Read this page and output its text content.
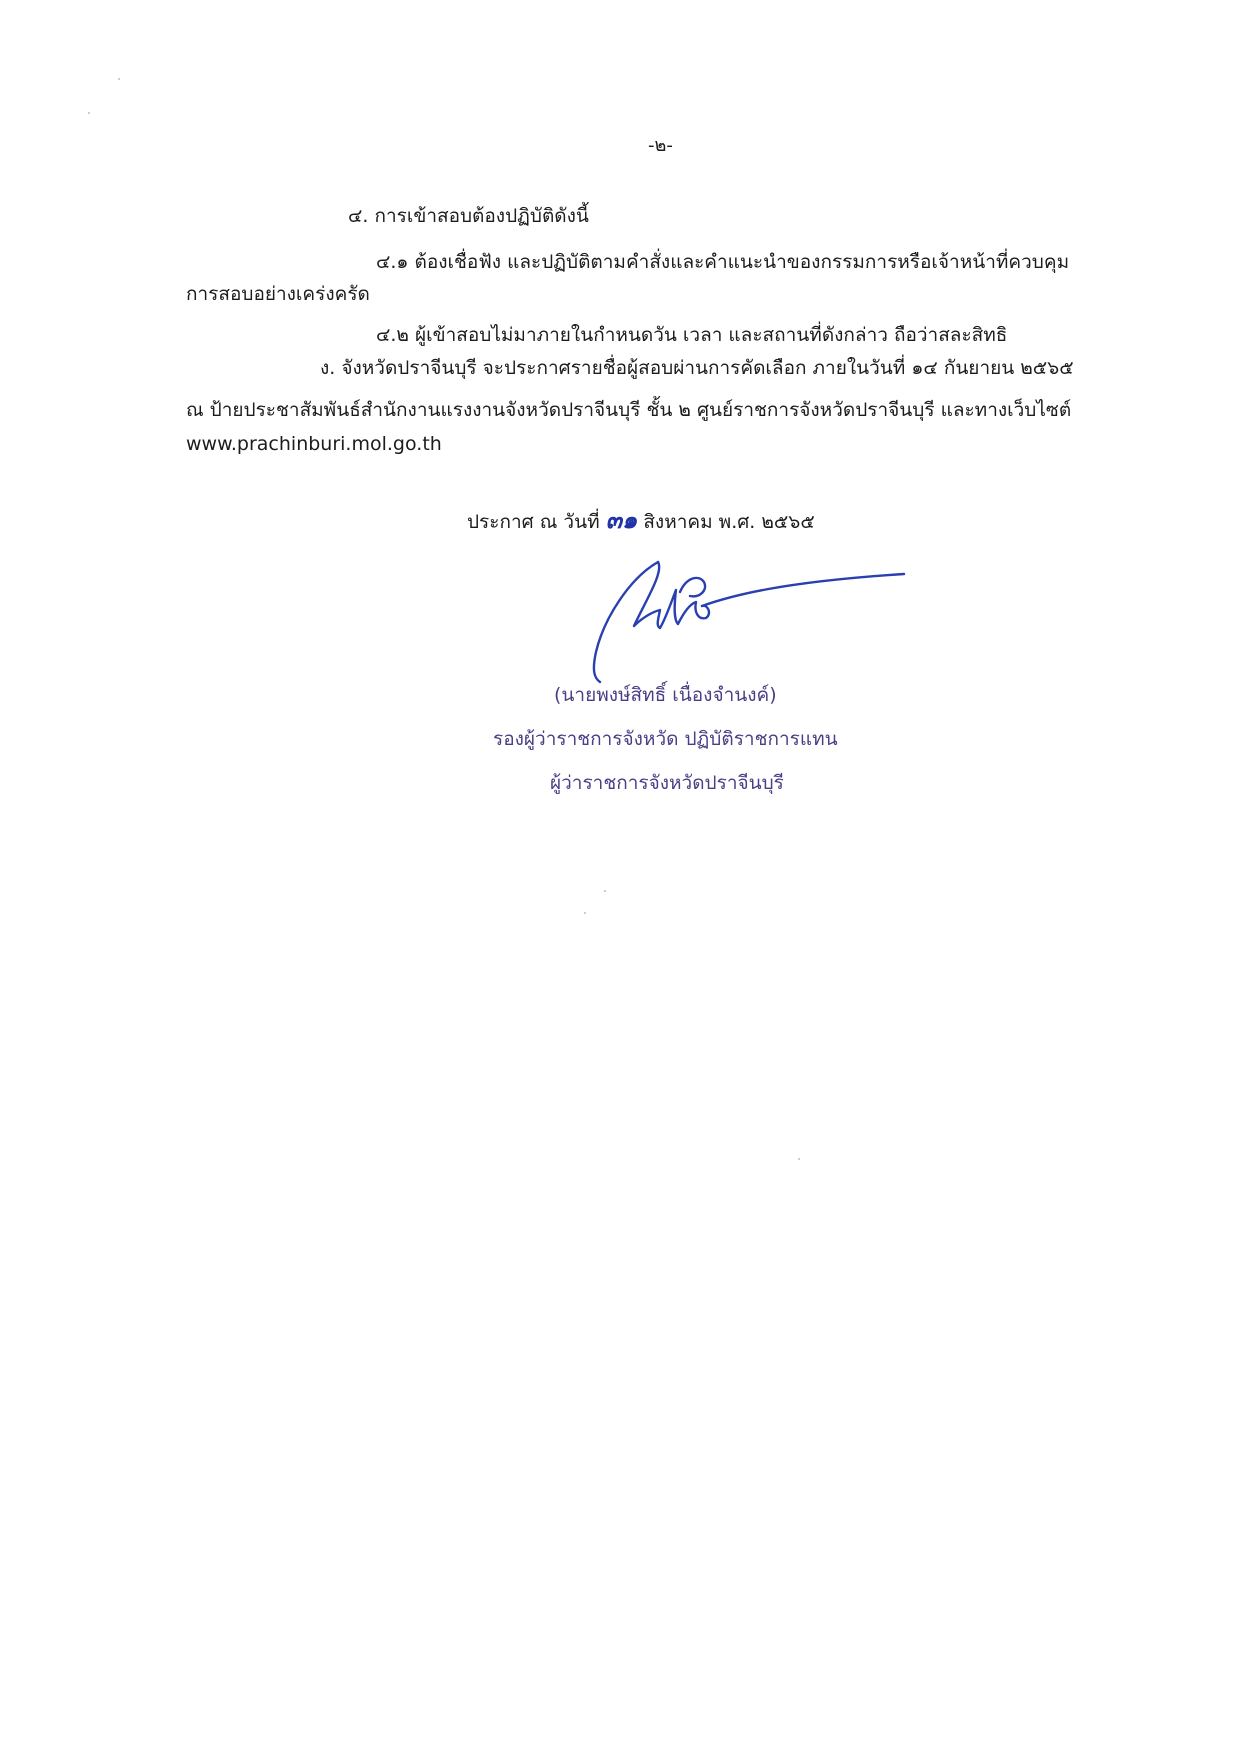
-๒-
๔. การเข้าสอบต้องปฏิบัติดังนี้
๔.๑ ต้องเชื่อฟัง และปฏิบัติตามคำสั่งและคำแนะนำของกรรมการหรือเจ้าหน้าที่ควบคุม
การสอบอย่างเคร่งครัด
๔.๒ ผู้เข้าสอบไม่มาภายในกำหนดวัน เวลา และสถานที่ดังกล่าว ถือว่าสละสิทธิ
ง. จังหวัดปราจีนบุรี จะประกาศรายชื่อผู้สอบผ่านการคัดเลือก ภายในวันที่ ๑๔ กันยายน ๒๕๖๕
ณ ป้ายประชาสัมพันธ์สำนักงานแรงงานจังหวัดปราจีนบุรี ชั้น ๒ ศูนย์ราชการจังหวัดปราจีนบุรี และทางเว็บไซต์
www.prachinburi.mol.go.th
ประกาศ ณ วันที่ ๓๑ สิงหาคม พ.ศ. ๒๕๖๕
(นายพงษ์สิทธิ์ เนื่องจำนงค์)
รองผู้ว่าราชการจังหวัด ปฏิบัติราชการแทน
ผู้ว่าราชการจังหวัดปราจีนบุรี
